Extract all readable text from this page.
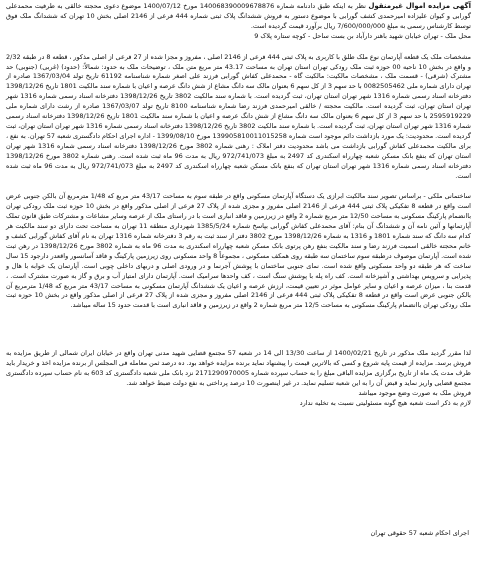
آگهی مزایده اموال غیرمنقول نظر به اینکه طبق دادنامه شماره 140068390009678876 مورخ 1400/07/12 موضوع دعوی محجته خالقی به طرفیت محمدعلی گورابی و کیوان علیزاده امیرحمدی کشف گورابی با موضوع دستور به فروش ششدانگ پلاک ثبتی شماره 444 فرعی از 2146 اصلی بخش 10 تهران که ششدانگ ملک فوق توسط کارشناس رسمی به مبلغ 7/600/000/000 ریال برآورد قیمت گردیده است.

محل ملک - تهران خیابان شهید باهنر دارآباد بن بست ساحل - کوچه ستاره پلاک 9

مشخصات ملک یک قطعه آپارتمان نوع ملک طلق با کاربری به پلاک ثبتی 444 فرعی از 2146 اصلی ، مفروز و مجزا شده از 27 فرعی از اصلی مذکور ، قطعه 8 در طبقه 2/32 و واقع در بخش 10 ناحیه 00 حوزه ثبت ملک رودکی تهران استان تهران به مساحت 43.17 متر مربع متن ملک ، توضیحات ملک به حدود: شمالاً: (حدود) (غربی) (جنوبی) حد مشترک (شرقی) - قسمت ملک ، مشخصات مالکیت: مالکیت گاه - محمدعلی کفاش گورابی فرزند علی اصغر شماره شناسنامه 61192 تاریخ تولد 1367/03/04 صادره از تهران دارای شماره ملی 0082505462 با حد سهم 3 از کل سهم 6 بعنوان مالک سه دانگ مشاع از شش دانگ عرصه و اعیان با شماره سند مالکیت 1801 تاریخ 1398/12/26 دفترخانه اسناد رسمی شماره 1316 شهر تهران استان تهران، ثبت گردیده است. با شماره سند مالکیت 3802 تاریخ 1398/12/26 دفترخانه اسناد رسمی شماره 1316 شهر تهران استان تهران، ثبت گردیده است. مالکیت محجته / خالقی امیرحمدی فرزند رضا شماره شناسنامه 8100 تاریخ تولد 1367/03/07 صادره از رشت دارای شماره ملی 2595919229 با حد سهم 3 از کل سهم 6 بعنوان مالک سه دانگ مشاع از شش دانگ عرصه و اعیان با شماره سند مالکیت 1801 تاریخ 1398/12/26 دفترخانه اسناد رسمی شماره 1316 شهر تهران استان تهران، ثبت گردیده است. با شماره سند مالکیت 3802 تاریخ 1398/12/26 دفترخانه اسناد رسمی شماره 1316 شهر تهران استان تهران، ثبت گردیده است. محدودیت: یک مورد بازداشت دائم موجود است شماره 139905810011015258 مورخ 1399/08/10 - اداره اجرای احکام دادگستری شعبه 57 تهران. به نفع ، برای مالکیت محمدعلی کفاش گورابی بازداشت می باشد محدودیت دفتر املاک : رهنی شماره 3802 مورخ 1398/12/26 دفترخانه اسناد رسمی شماره 1316 شهر تهران استان تهران که بنفع بانک مسکن شعبه چهارراه اسکندری کد 2497 به مبلغ 972/741/073 ریال به مدت 96 ماه ثبت شده است. رهنی شماره 3802 مورخ 1398/12/26 دفترخانه اسناد رسمی شماره 1316 شهر تهران استان تهران که بنفع بانک مسکن شعبه چهارراه اسکندری کد 2497 به مبلغ 972/741/073 ریال به مدت 96 ماه ثبت شده است.

ساختمانی ملکی - براساس تصویر سند مالکیت ابرازی یک دستگاه آپارتمان مسکونی واقع در طبقه سوم به مساحت 43/17 متر مربع که 1/48 مترمربع آن بالکن جنوبی عرض است واقع در قطعه 8 تفکیکی پلاک ثبتی 444 فرعی از 2146 اصلی مفروز و مجزی شده از پلاک 27 فرعی از اصلی مذکور واقع در بخش 10 حوزه ثبت ملک رودکی تهران باانضمام پارکینگ مسکونی به مساحت 12/50 متر مربع شماره 2 واقع در زیرزمین و فاقد انباری است با در راستای ملک از عرصه وسایر مشاعات و مشترکات طبق قانون تملک آپارتمانها و آئین نامه آن و ششدانگ آن بنام: آقای محمدعلی کفاش گورابی بپاسخ شماره 1385/5/24 شهرداری منطقه 11 تهران به مساحت تحت دارای دو سند مالکیت هر کدام سه دانگ که سند شماره 1801 و 1316 به شماره 1398/12/26 مورخ 3802 دفتر از سند ثبت به رقم 3 دفترخانه شماره 1316 تهران به نام آقای کفاش گورابی کشف و خانم محجته خالقی اسمیت فرزند رضا و سند مالکیت بنفع رهن پرتوی بانک مسکن شعبه چهارراه اسکندری به مدت 96 ماه به شماره 3802 مورخ 1398/12/26 در رهن ثبت شده است. آپارتمان موصوف درطبقه سوم ساختمان سه طبقه روی همکف مسکونی ، مجموعاً 8 واحد مسکونی روی زیرزمین پارکینگ و فاقد آسانسور واقعدر دارجود 15 سال ساخت که هر طبقه دو واحد مسکونی واقع شده است. نمای جنوبی ساختمان با پوشش آجرنما و در ورودی اصلی و دربهای داخلی چوبی است. آپارتمان یک خوابه با هال و پذیرایی و سرویس بهداشتی و آشپزخانه است. کف راه پله با پوشش سنگ است ، کف واحدها سرامیک است. آپارتمان دارای امتیاز آب و برق و گاز به صورت مشترک است. ، قدمت بنا ، میزان عرصه و اعیان و سایر عوامل موثر در تعیین قیمت، ارزش عرصه و اعیان یک ششدانگ آپارتمان مسکونی به مساحت 43/17 متر مربع که 1/48 مترمربع آن بالکن جنوبی عرض است واقع در قطعه 8 تفکیکی پلاک ثبتی 444 فرعی از 2146 اصلی مفروز و مجزی شده از پلاک 27 فرعی از اصلی مذکور واقع در بخش 10 حوزه ثبت ملک رودکی تهران باانضمام پارکینگ مسکونی به مساحت 12/5 متر مربع شماره 2 واقع در زیرزمین و فاقد انباری است با قدمت حدود 15 ساله میباشد.

لذا مقرر گردید ملک مذکور در تاریخ 1400/02/21 از ساعت 13/30 الی 14 در شعبه 57 مجتمع قضایی شهید مدنی تهران واقع در خیابان ایران شمالی از طریق مزایده به فروش برسد. مزایده از قیمت پایه شروع و کسی که بالاترین قیمت را پیشنهاد نماید برنده مزایده خواهد بود. ده درصد ثمن معامله فی المجلس از برنده مزایده اخذ و خریدار باید ظرف مدت یک ماه از تاریخ برگزاری مزایده الباقی مبلغ را به حساب سپرده شماره 2171290970005 نزد بانک ملی شعبه دادگستری کد 603 به نام حساب سپرده دادگستری مجتمع قضایی واریز نماید و قبض آن را به این شعبه تسلیم نماید. در غیر اینصورت 10 درصد پرداختی به نفع دولت ضبط خواهد شد.

فروش ملک به صورت وضع موجود میباشد

لازم به ذکر است شعبه هیچ گونه مسئولیتی نسبت به تخلیه ندارد

اجرای احکام شعبه 57 حقوقی تهران
